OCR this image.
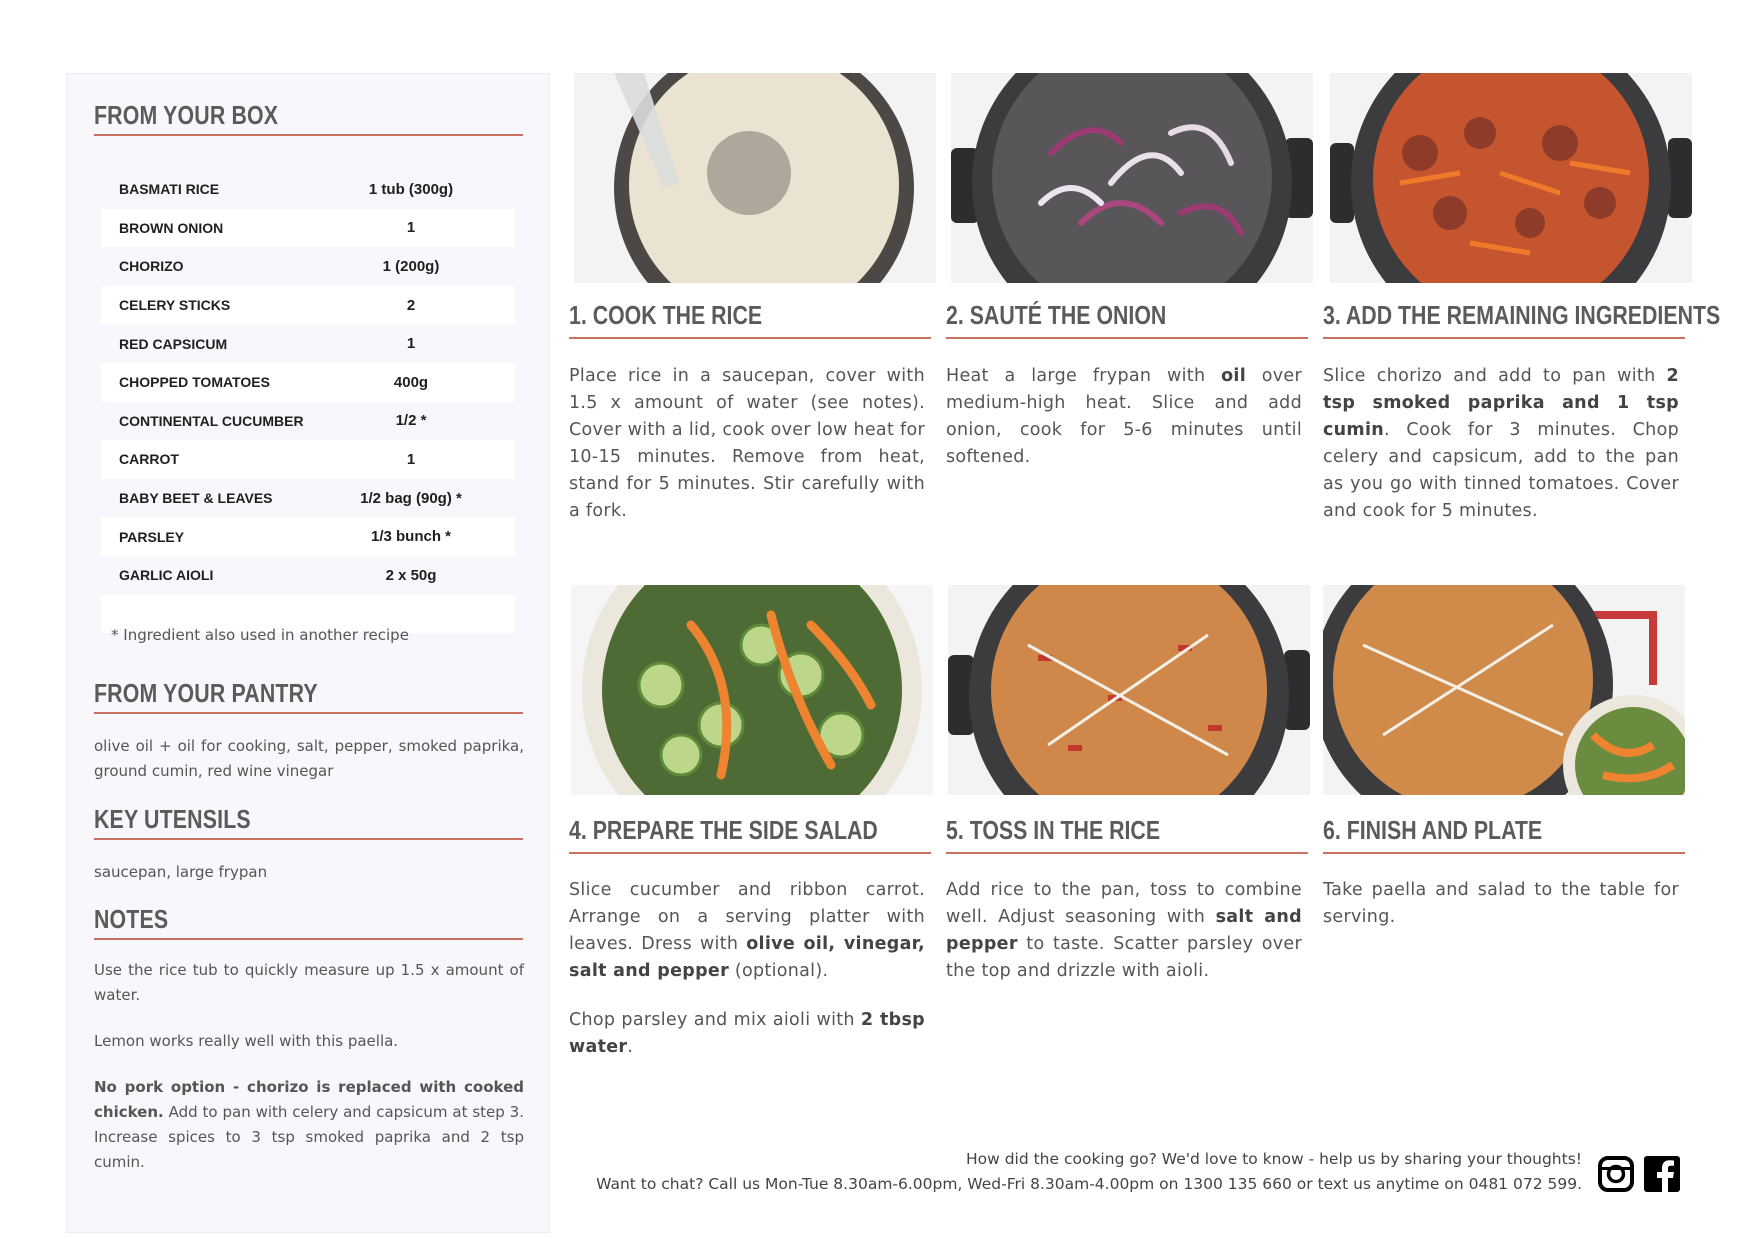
FROM YOUR BOX
BASMATI RICE	1 tub (300g)
BROWN ONION	1
CHORIZO	1 (200g)
CELERY STICKS	2
RED CAPSICUM	1
CHOPPED TOMATOES	400g
CONTINENTAL CUCUMBER	1/2 *
CARROT	1
BABY BEET & LEAVES	1/2 bag (90g) *
PARSLEY	1/3 bunch *
GARLIC AIOLI	2 x 50g
* Ingredient also used in another recipe
FROM YOUR PANTRY

olive oil + oil for cooking, salt, pepper, smoked paprika, ground cumin, red wine vinegar

KEY UTENSILS

saucepan, large frypan

NOTES

Use the rice tub to quickly measure up 1.5 x amount of water.

Lemon works really well with this paella.

No pork option - chorizo is replaced with cooked chicken. Add to pan with celery and capsicum at step 3. Increase spices to 3 tsp smoked paprika and 2 tsp cumin.

1. COOK THE RICE

Place rice in a saucepan, cover with 1.5 x amount of water (see notes). Cover with a lid, cook over low heat for 10-15 minutes. Remove from heat, stand for 5 minutes. Stir carefully with a fork.

2. SAUTÉ THE ONION

Heat a large frypan with oil over medium-high heat. Slice and add onion, cook for 5-6 minutes until softened.

3. ADD THE REMAINING INGREDIENTS

Slice chorizo and add to pan with 2 tsp smoked paprika and 1 tsp cumin. Cook for 3 minutes. Chop celery and capsicum, add to the pan as you go with tinned tomatoes. Cover and cook for 5 minutes.

4. PREPARE THE SIDE SALAD

Slice cucumber and ribbon carrot. Arrange on a serving platter with leaves. Dress with olive oil, vinegar, salt and pepper (optional).

Chop parsley and mix aioli with 2 tbsp water.

5. TOSS IN THE RICE

Add rice to the pan, toss to combine well. Adjust seasoning with salt and pepper to taste. Scatter parsley over the top and drizzle with aioli.

6. FINISH AND PLATE

Take paella and salad to the table for serving.

How did the cooking go? We'd love to know - help us by sharing your thoughts!
Want to chat? Call us Mon-Tue 8.30am-6.00pm, Wed-Fri 8.30am-4.00pm on 1300 135 660 or text us anytime on 0481 072 599.
